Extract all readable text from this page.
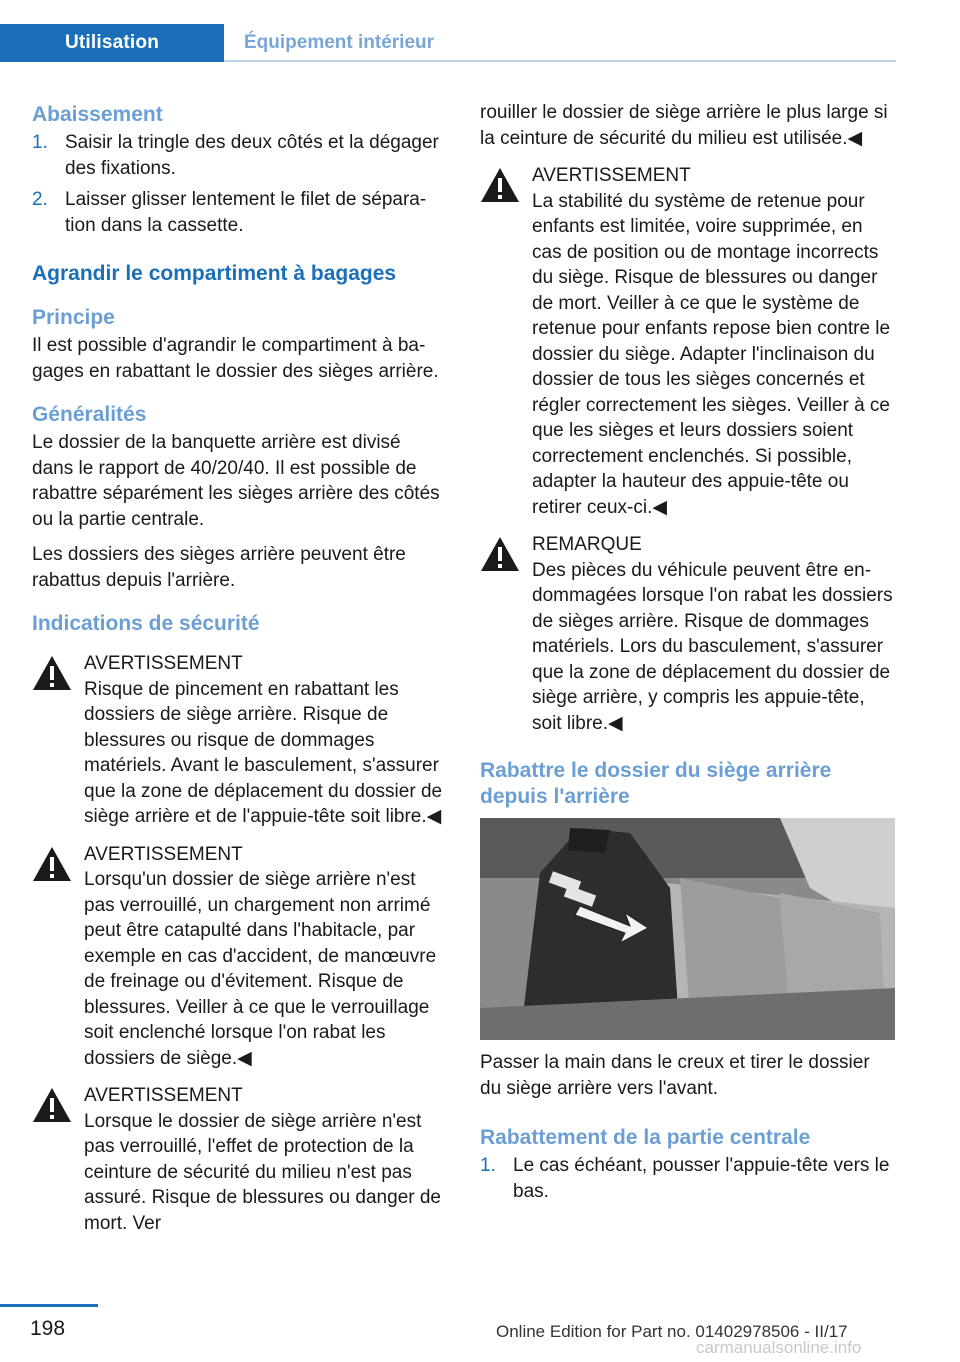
Utilisation	Équipement intérieur
Abaissement
1. Saisir la tringle des deux côtés et la dégager des fixations.
2. Laisser glisser lentement le filet de séparation dans la cassette.
Agrandir le compartiment à bagages
Principe

Il est possible d'agrandir le compartiment à bagages en rabattant le dossier des sièges arrière.

Généralités

Le dossier de la banquette arrière est divisé dans le rapport de 40/20/40. Il est possible de rabattre séparément les sièges arrière des côtés ou la partie centrale.

Les dossiers des sièges arrière peuvent être rabattus depuis l'arrière.

Indications de sécurité
AVERTISSEMENT
Risque de pincement en rabattant les dossiers de siège arrière. Risque de blessures ou risque de dommages matériels. Avant le basculement, s'assurer que la zone de déplacement du dossier de siège arrière et de l'appuie-tête soit libre.◀
AVERTISSEMENT
Lorsqu'un dossier de siège arrière n'est pas verrouillé, un chargement non arrimé peut être catapulté dans l'habitacle, par exemple en cas d'accident, de manœuvre de freinage ou d'évitement. Risque de blessures. Veiller à ce que le verrouillage soit enclenché lorsque l'on rabat les dossiers de siège.◀
AVERTISSEMENT
Lorsque le dossier de siège arrière n'est pas verrouillé, l'effet de protection de la ceinture de sécurité du milieu n'est pas assuré. Risque de blessures ou danger de mort. Ver

rouiller le dossier de siège arrière le plus large si la ceinture de sécurité du milieu est utilisée.◀

AVERTISSEMENT
La stabilité du système de retenue pour enfants est limitée, voire supprimée, en cas de position ou de montage incorrects du siège. Risque de blessures ou danger de mort. Veiller à ce que le système de retenue pour enfants repose bien contre le dossier du siège. Adapter l'inclinaison du dossier de tous les sièges concernés et régler correctement les sièges. Veiller à ce que les sièges et leurs dossiers soient correctement enclenchés. Si possible, adapter la hauteur des appuie-tête ou retirer ceux-ci.◀
REMARQUE
Des pièces du véhicule peuvent être endommagées lorsque l'on rabat les dossiers de sièges arrière. Risque de dommages matériels. Lors du basculement, s'assurer que la zone de déplacement du dossier de siège arrière, y compris les appuie-tête, soit libre.◀
Rabattre le dossier du siège arrière depuis l'arrière

Passer la main dans le creux et tirer le dossier du siège arrière vers l'avant.

Rabattement de la partie centrale
1. Le cas échéant, pousser l'appuie-tête vers le bas.
198	Online Edition for Part no. 01402978506 - II/17
carmanualsonline.info
